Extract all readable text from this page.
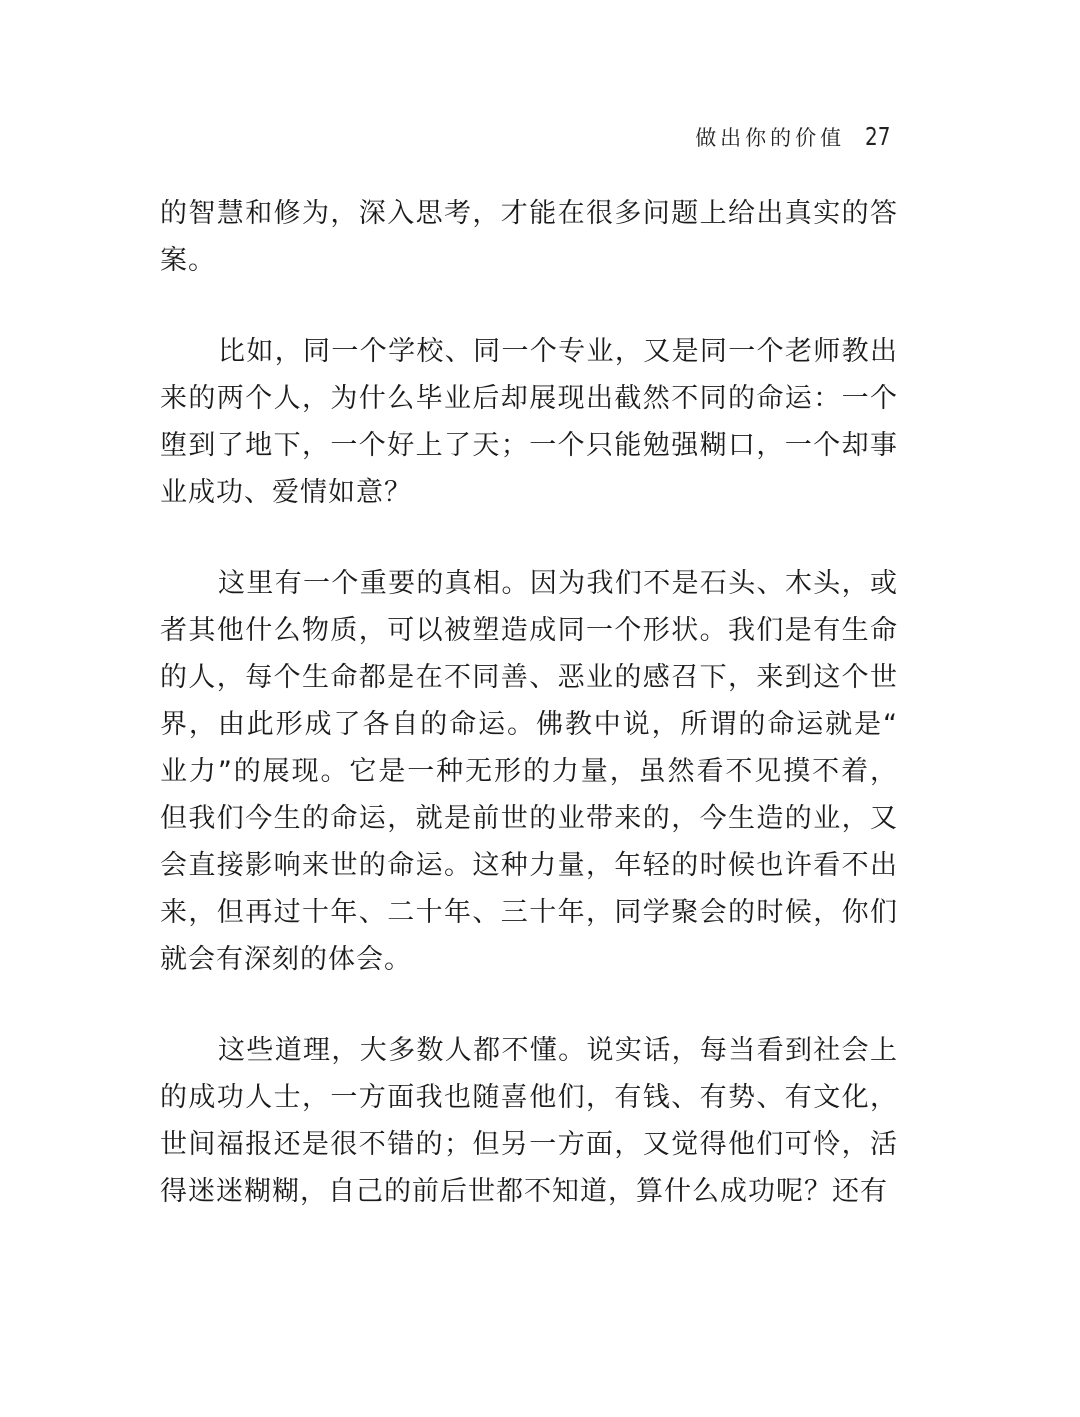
做出你的价值 27

的智慧和修为，深入思考，才能在很多问题上给出真实的答案。

比如，同一个学校、同一个专业，又是同一个老师教出来的两个人，为什么毕业后却展现出截然不同的命运：一个堕到了地下，一个好上了天；一个只能勉强糊口，一个却事业成功、爱情如意？

这里有一个重要的真相。因为我们不是石头、木头，或者其他什么物质，可以被塑造成同一个形状。我们是有生命的人，每个生命都是在不同善、恶业的感召下，来到这个世界，由此形成了各自的命运。佛教中说，所谓的命运就是“业力”的展现。它是一种无形的力量，虽然看不见摸不着，但我们今生的命运，就是前世的业带来的，今生造的业，又会直接影响来世的命运。这种力量，年轻的时候也许看不出来，但再过十年、二十年、三十年，同学聚会的时候，你们就会有深刻的体会。

这些道理，大多数人都不懂。说实话，每当看到社会上的成功人士，一方面我也随喜他们，有钱、有势、有文化，世间福报还是很不错的；但另一方面，又觉得他们可怜，活得迷迷糊糊，自己的前后世都不知道，算什么成功呢？还有
